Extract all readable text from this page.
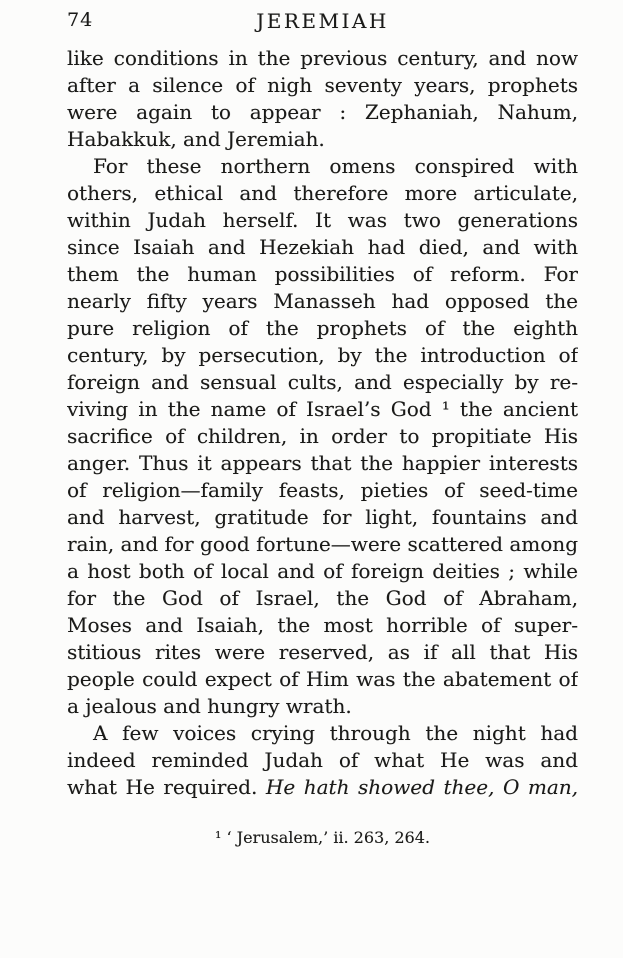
74	JEREMIAH
like conditions in the previous century, and now
after a silence of nigh seventy years, prophets
were again to appear : Zephaniah, Nahum,
Habakkuk, and Jeremiah.
For these northern omens conspired with
others, ethical and therefore more articulate,
within Judah herself. It was two generations
since Isaiah and Hezekiah had died, and with
them the human possibilities of reform. For
nearly fifty years Manasseh had opposed the
pure religion of the prophets of the eighth
century, by persecution, by the introduction of
foreign and sensual cults, and especially by re-
viving in the name of Israel’s God ¹ the ancient
sacrifice of children, in order to propitiate His
anger. Thus it appears that the happier interests
of religion—family feasts, pieties of seed-time
and harvest, gratitude for light, fountains and
rain, and for good fortune—were scattered among
a host both of local and of foreign deities ; while
for the God of Israel, the God of Abraham,
Moses and Isaiah, the most horrible of super-
stitious rites were reserved, as if all that His
people could expect of Him was the abatement of
a jealous and hungry wrath.
A few voices crying through the night had
indeed reminded Judah of what He was and
what He required. He hath showed thee, O man,
¹ ‘ Jerusalem,’ ii. 263, 264.
